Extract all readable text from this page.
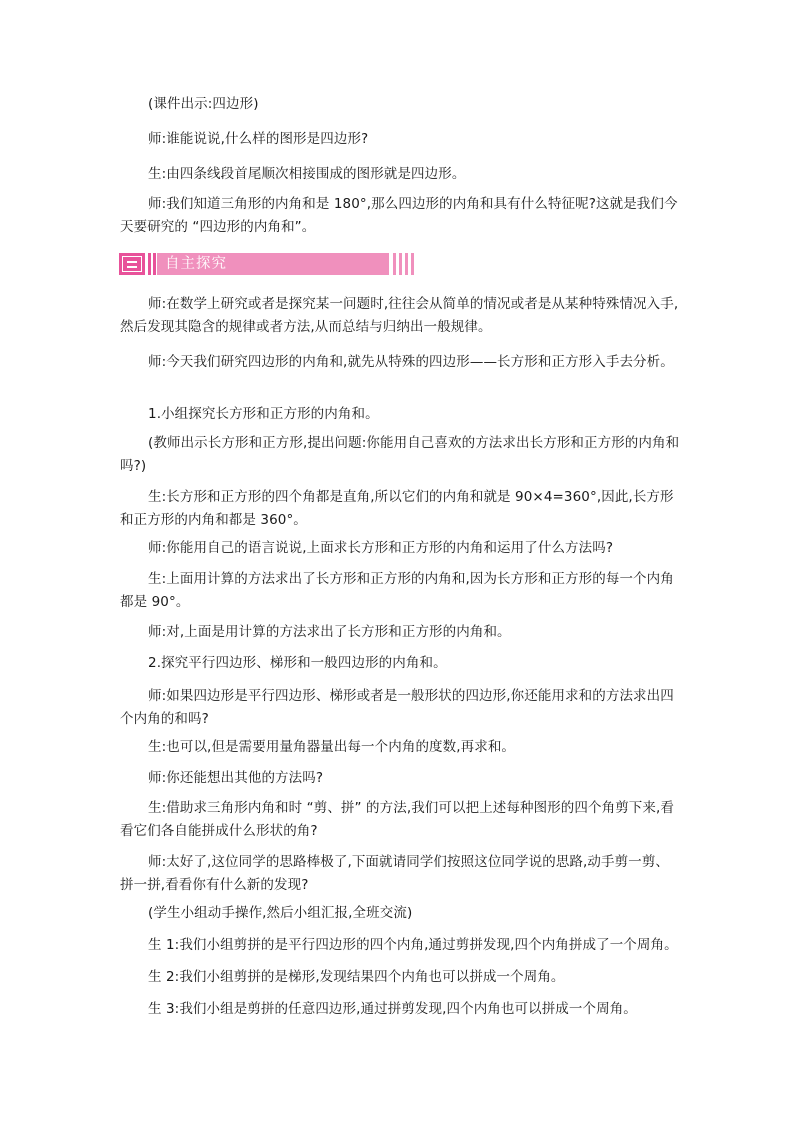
(课件出示:四边形)
师:谁能说说,什么样的图形是四边形?
生:由四条线段首尾顺次相接围成的图形就是四边形。
师:我们知道三角形的内角和是 180°,那么四边形的内角和具有什么特征呢?这就是我们今天要研究的 “四边形的内角和”。
自主探究
师:在数学上研究或者是探究某一问题时,往往会从简单的情况或者是从某种特殊情况入手,然后发现其隐含的规律或者方法,从而总结与归纳出一般规律。
师:今天我们研究四边形的内角和,就先从特殊的四边形——长方形和正方形入手去分析。
1.小组探究长方形和正方形的内角和。
(教师出示长方形和正方形,提出问题:你能用自己喜欢的方法求出长方形和正方形的内角和吗?)
生:长方形和正方形的四个角都是直角,所以它们的内角和就是 90×4=360°,因此,长方形和正方形的内角和都是 360°。
师:你能用自己的语言说说,上面求长方形和正方形的内角和运用了什么方法吗?
生:上面用计算的方法求出了长方形和正方形的内角和,因为长方形和正方形的每一个内角都是 90°。
师:对,上面是用计算的方法求出了长方形和正方形的内角和。
2.探究平行四边形、梯形和一般四边形的内角和。
师:如果四边形是平行四边形、梯形或者是一般形状的四边形,你还能用求和的方法求出四个内角的和吗?
生:也可以,但是需要用量角器量出每一个内角的度数,再求和。
师:你还能想出其他的方法吗?
生:借助求三角形内角和时 “剪、拼” 的方法,我们可以把上述每种图形的四个角剪下来,看看它们各自能拼成什么形状的角?
师:太好了,这位同学的思路棒极了,下面就请同学们按照这位同学说的思路,动手剪一剪、拼一拼,看看你有什么新的发现?
(学生小组动手操作,然后小组汇报,全班交流)
生 1:我们小组剪拼的是平行四边形的四个内角,通过剪拼发现,四个内角拼成了一个周角。
生 2:我们小组剪拼的是梯形,发现结果四个内角也可以拼成一个周角。
生 3:我们小组是剪拼的任意四边形,通过拼剪发现,四个内角也可以拼成一个周角。
